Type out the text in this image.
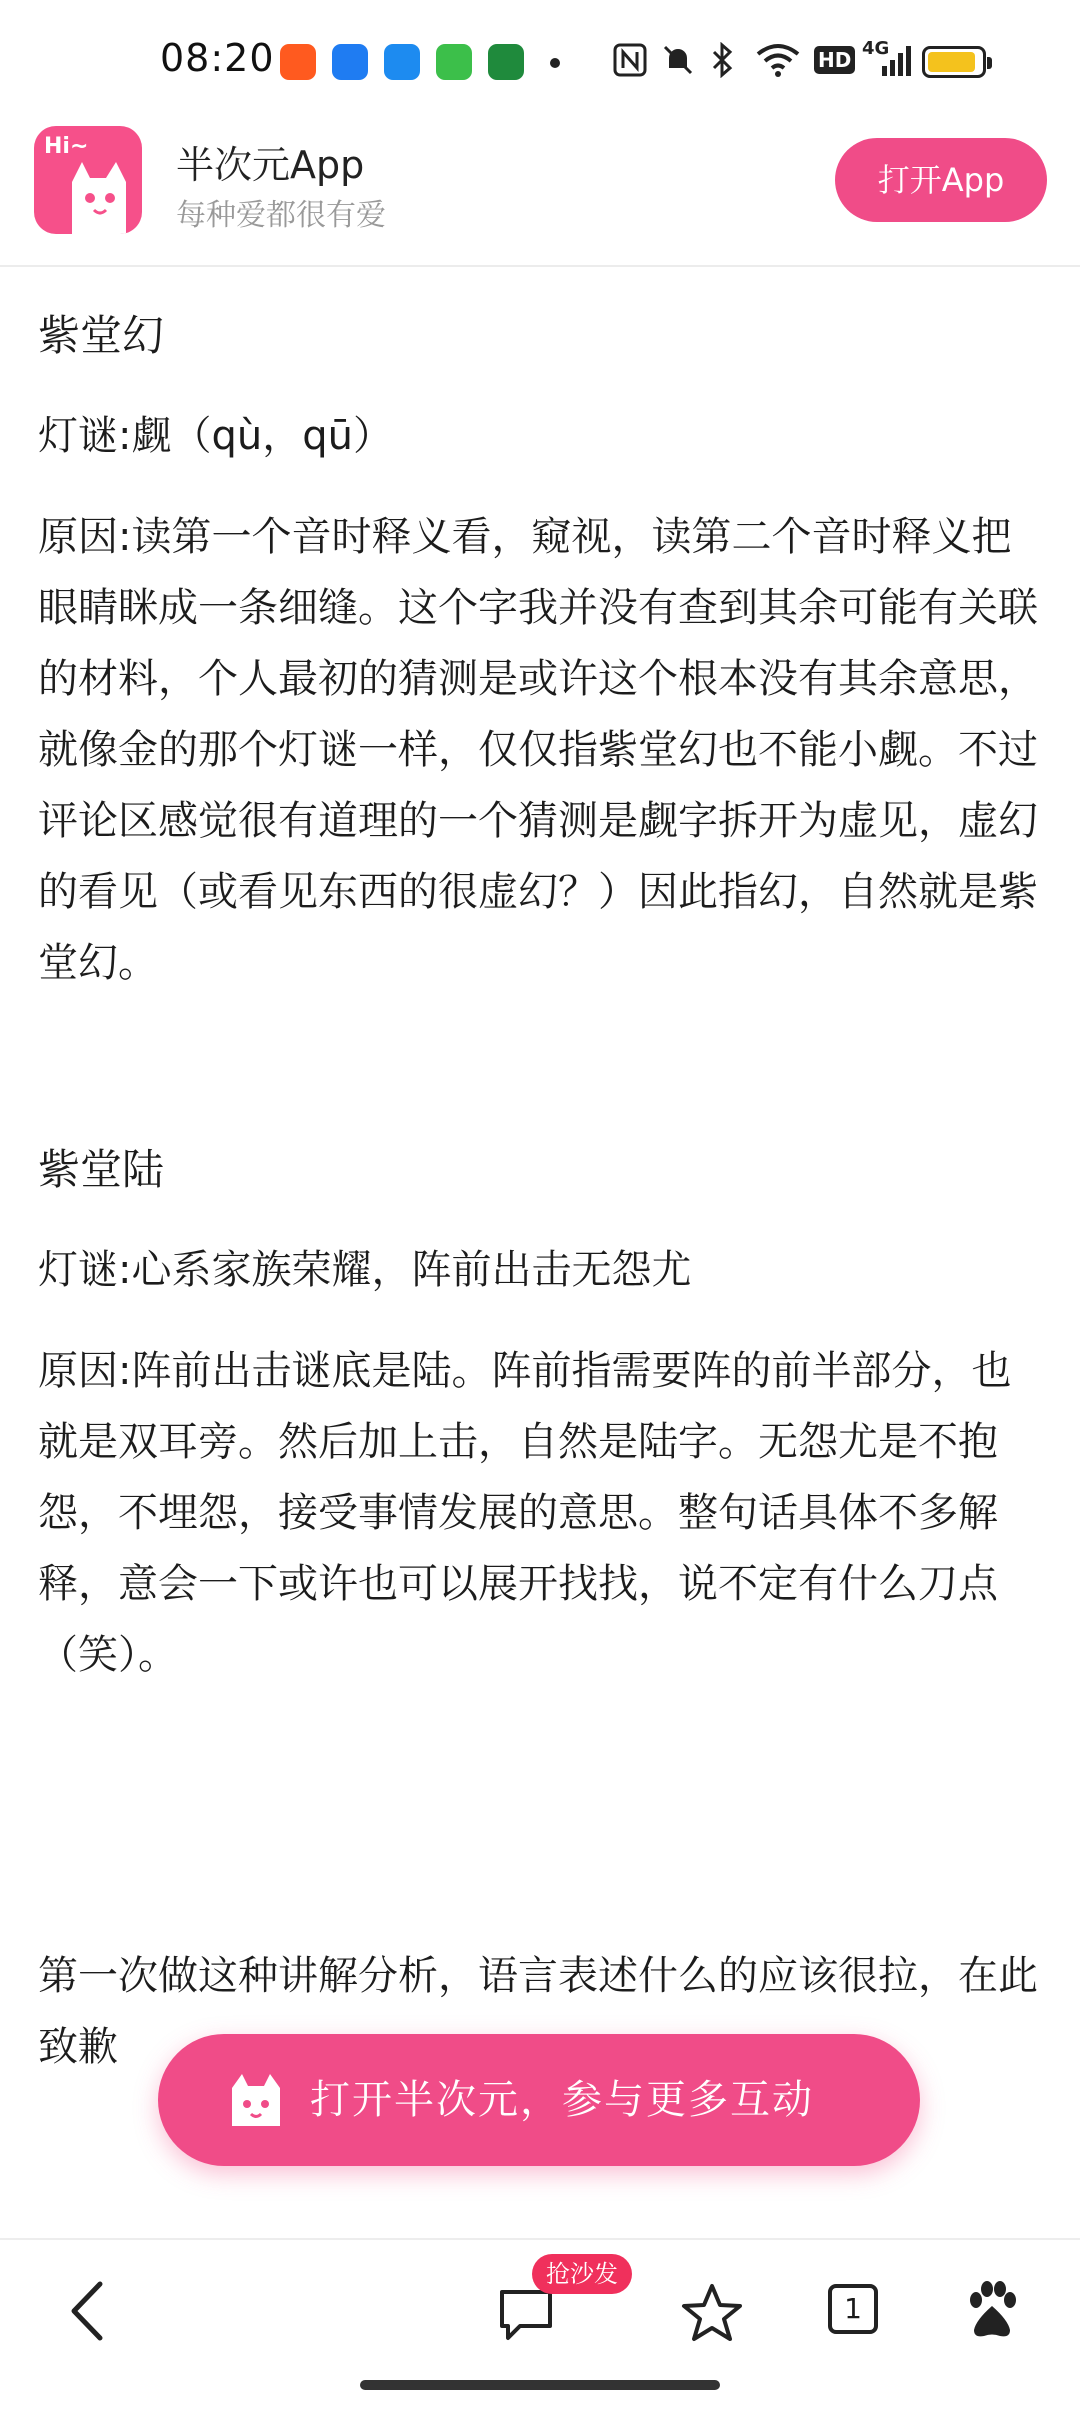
08:20	HD 4G
Hi~ 半次元App
每种爱都很有爱
打开App

紫堂幻

灯谜:觑（qù，qū）

原因:读第一个音时释义看，窥视，读第二个音时释义把眼睛眯成一条细缝。这个字我并没有查到其余可能有关联的材料，个人最初的猜测是或许这个根本没有其余意思，就像金的那个灯谜一样，仅仅指紫堂幻也不能小觑。不过评论区感觉很有道理的一个猜测是觑字拆开为虚见，虚幻的看见（或看见东西的很虚幻？）因此指幻，自然就是紫堂幻。

紫堂陆

灯谜:心系家族荣耀，阵前出击无怨尤

原因:阵前出击谜底是陆。阵前指需要阵的前半部分，也就是双耳旁。然后加上击，自然是陆字。无怨尤是不抱怨，不埋怨，接受事情发展的意思。整句话具体不多解释，意会一下或许也可以展开找找，说不定有什么刀点（笑）。

第一次做这种讲解分析，语言表述什么的应该很拉，在此致歉

打开半次元，参与更多互动
抢沙发
1
